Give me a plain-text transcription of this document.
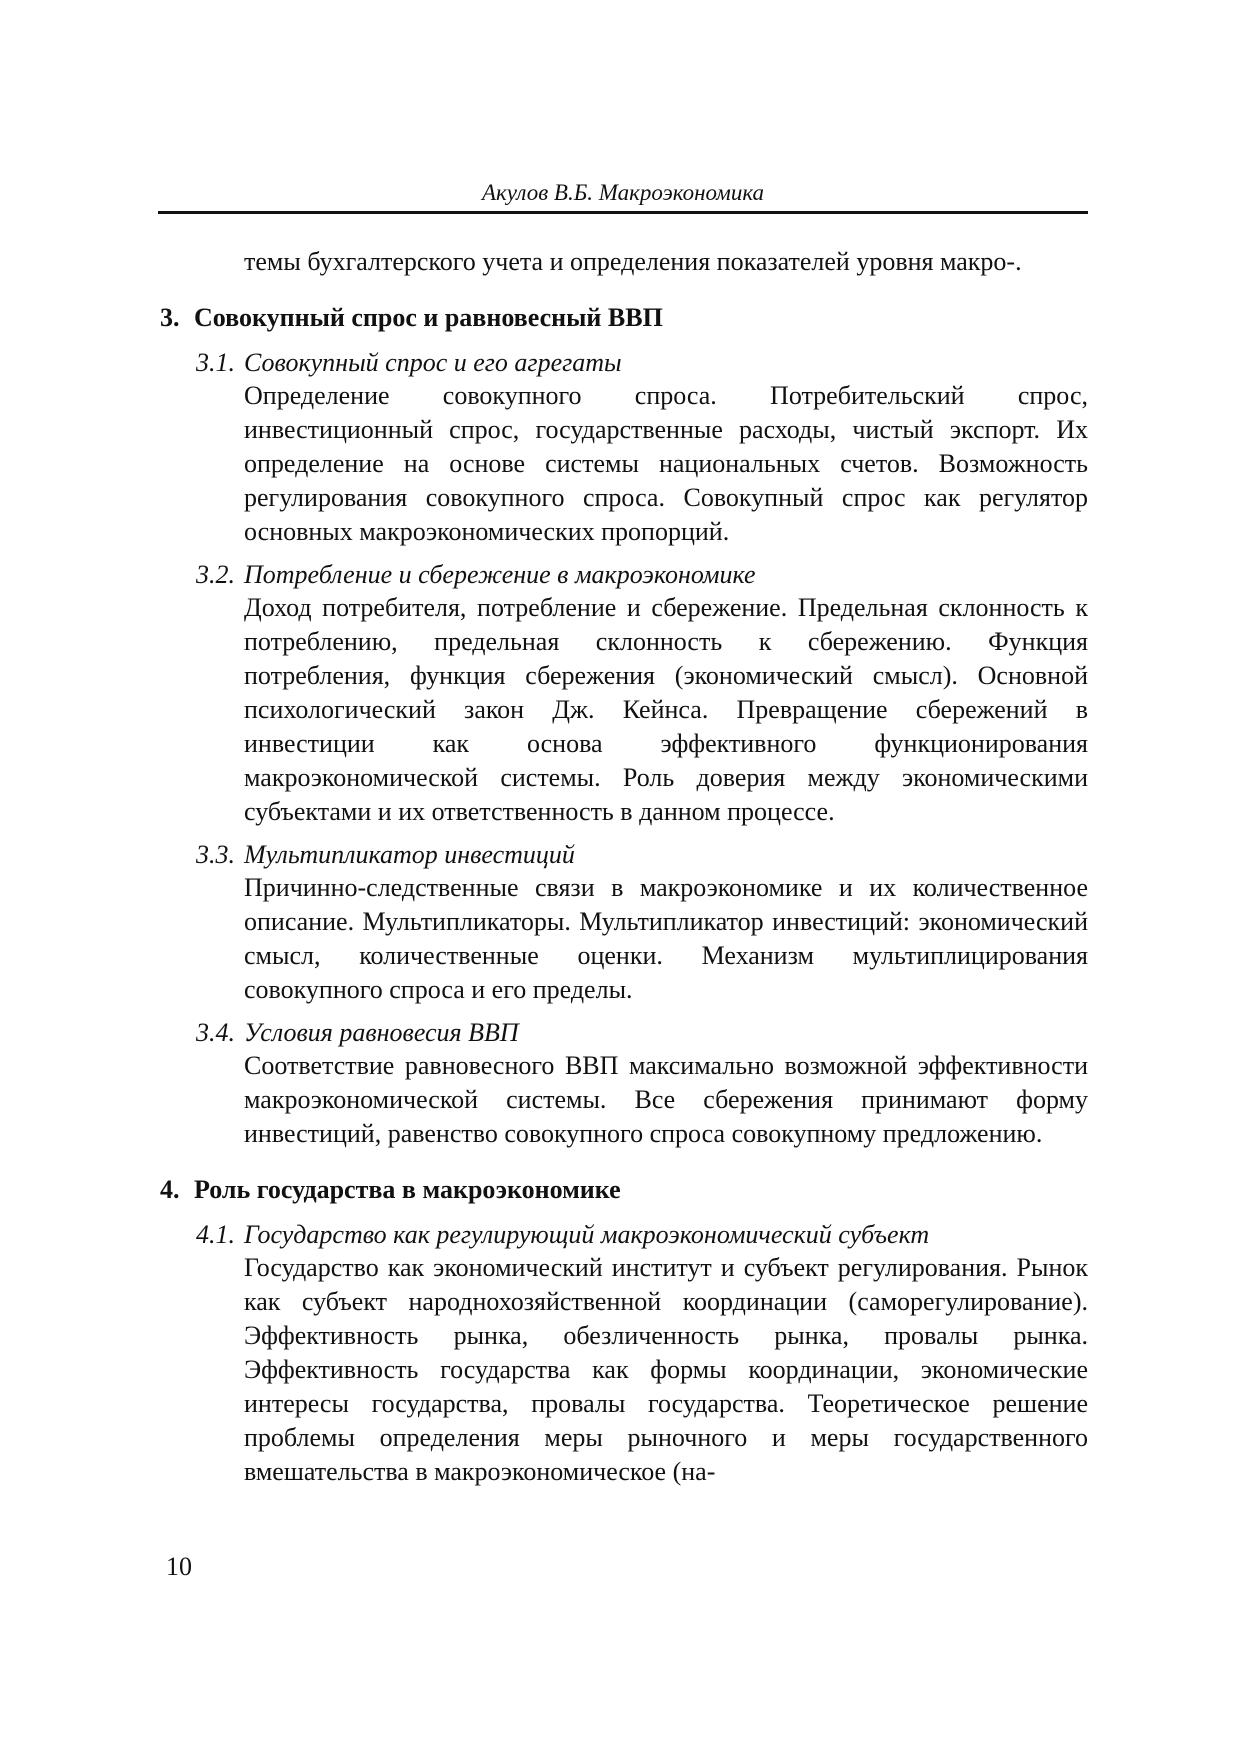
Акулов В.Б. Макроэкономика

темы бухгалтерского учета и определения показателей уровня макро-.

3. Совокупный спрос и равновесный ВВП
3.1. Совокупный спрос и его агрегаты

Определение совокупного спроса. Потребительский спрос, инвестиционный спрос, государственные расходы, чистый экспорт. Их определение на основе системы национальных счетов. Возможность регулирования совокупного спроса. Совокупный спрос как регулятор основных макроэкономических пропорций.

3.2. Потребление и сбережение в макроэкономике

Доход потребителя, потребление и сбережение. Предельная склонность к потреблению, предельная склонность к сбережению. Функция потребления, функция сбережения (экономический смысл). Основной психологический закон Дж. Кейнса. Превращение сбережений в инвестиции как основа эффективного функционирования макроэкономической системы. Роль доверия между экономическими субъектами и их ответственность в данном процессе.

3.3. Мультипликатор инвестиций

Причинно-следственные связи в макроэкономике и их количественное описание. Мультипликаторы. Мультипликатор инвестиций: экономический смысл, количественные оценки. Механизм мультиплицирования совокупного спроса и его пределы.

3.4. Условия равновесия ВВП

Соответствие равновесного ВВП максимально возможной эффективности макроэкономической системы. Все сбережения принимают форму инвестиций, равенство совокупного спроса совокупному предложению.

4. Роль государства в макроэкономике
4.1. Государство как регулирующий макроэкономический субъект

Государство как экономический институт и субъект регулирования. Рынок как субъект народнохозяйственной координации (саморегулирование). Эффективность рынка, обезличенность рынка, провалы рынка. Эффективность государства как формы координации, экономические интересы государства, провалы государства. Теоретическое решение проблемы определения меры рыночного и меры государственного вмешательства в макроэкономическое (на-

10
